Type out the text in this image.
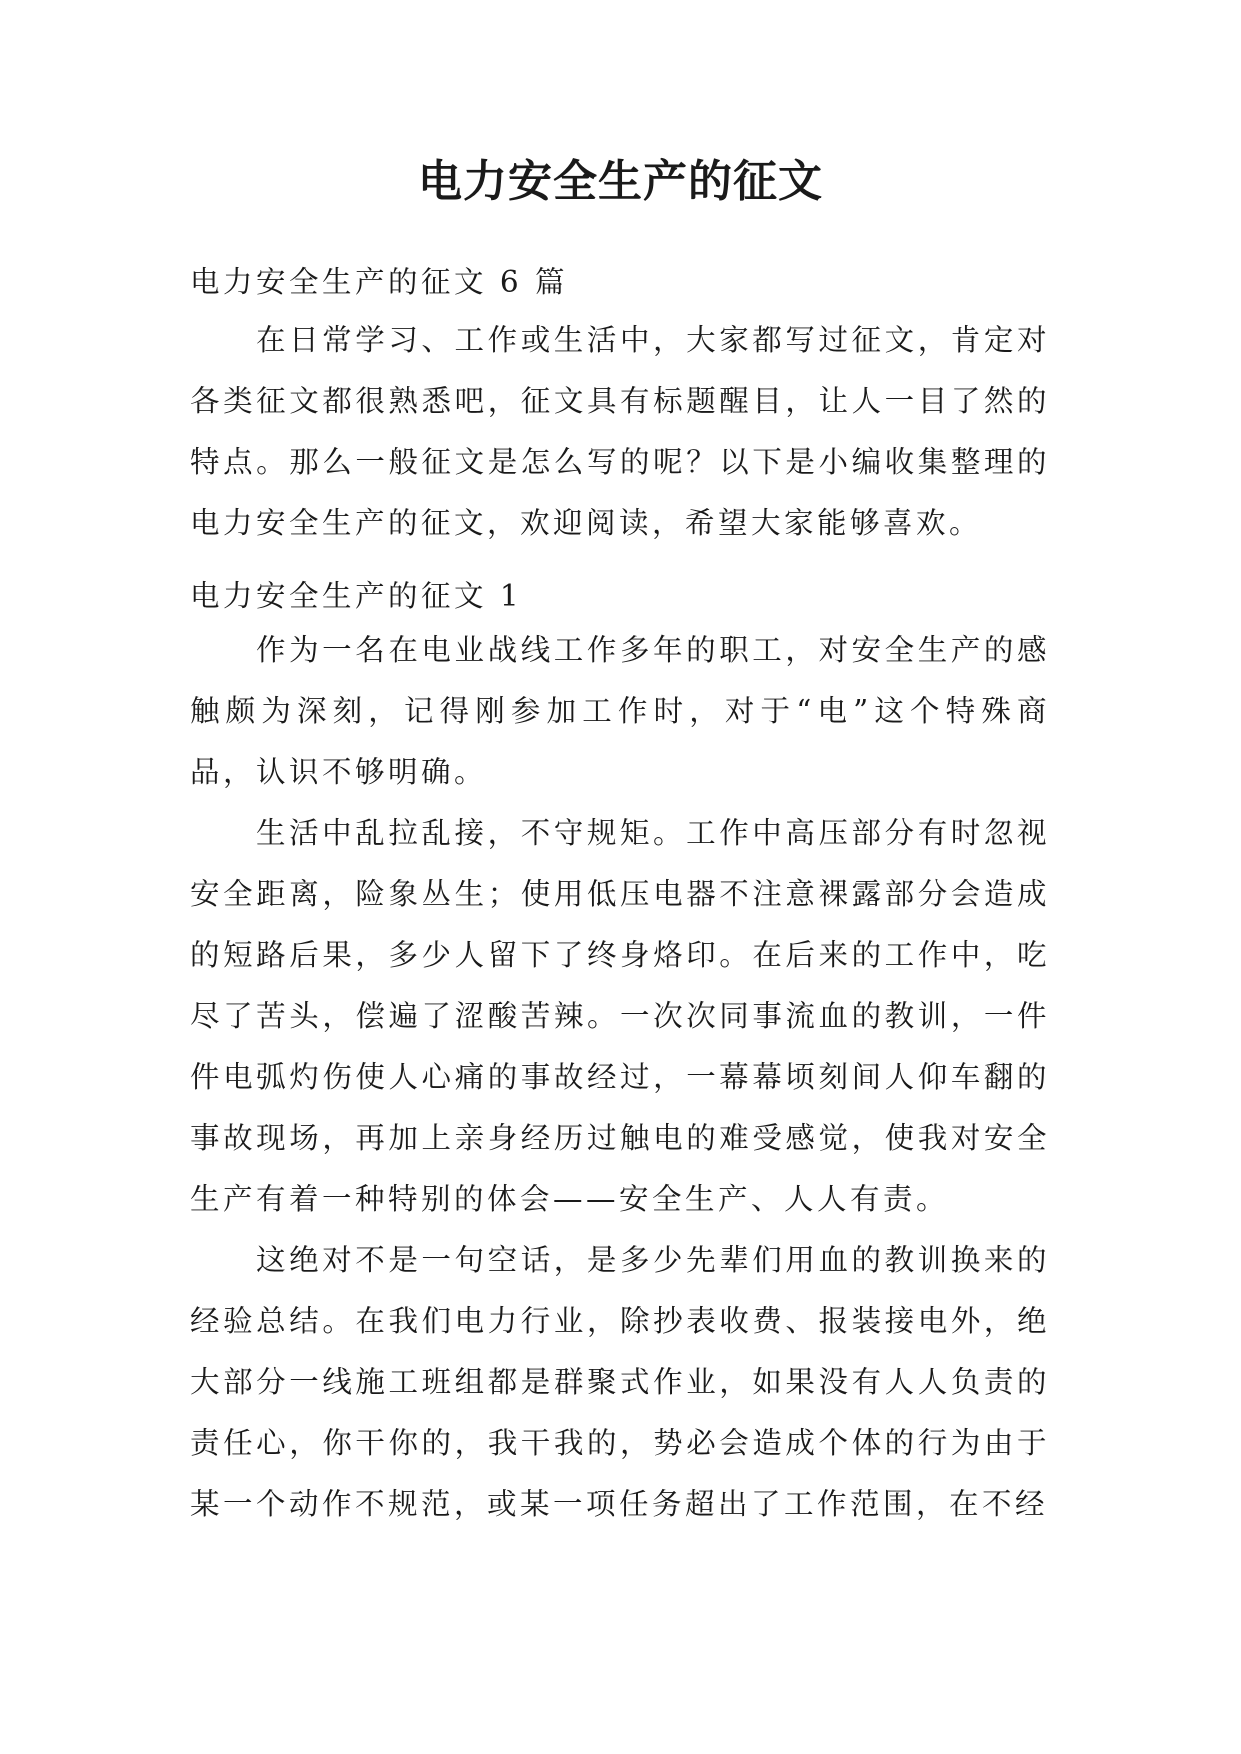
电力安全生产的征文

电力安全生产的征文 6 篇

在日常学习、工作或生活中，大家都写过征文，肯定对各类征文都很熟悉吧，征文具有标题醒目，让人一目了然的特点。那么一般征文是怎么写的呢？以下是小编收集整理的电力安全生产的征文，欢迎阅读，希望大家能够喜欢。

电力安全生产的征文 1

作为一名在电业战线工作多年的职工，对安全生产的感触颇为深刻，记得刚参加工作时，对于“电”这个特殊商品，认识不够明确。

生活中乱拉乱接，不守规矩。工作中高压部分有时忽视安全距离，险象丛生；使用低压电器不注意裸露部分会造成的短路后果，多少人留下了终身烙印。在后来的工作中，吃尽了苦头，偿遍了涩酸苦辣。一次次同事流血的教训，一件件电弧灼伤使人心痛的事故经过，一幕幕顷刻间人仰车翻的事故现场，再加上亲身经历过触电的难受感觉，使我对安全生产有着一种特别的体会——安全生产、人人有责。

这绝对不是一句空话，是多少先辈们用血的教训换来的经验总结。在我们电力行业，除抄表收费、报装接电外，绝大部分一线施工班组都是群聚式作业，如果没有人人负责的责任心，你干你的，我干我的，势必会造成个体的行为由于某一个动作不规范，或某一项任务超出了工作范围，在不经
